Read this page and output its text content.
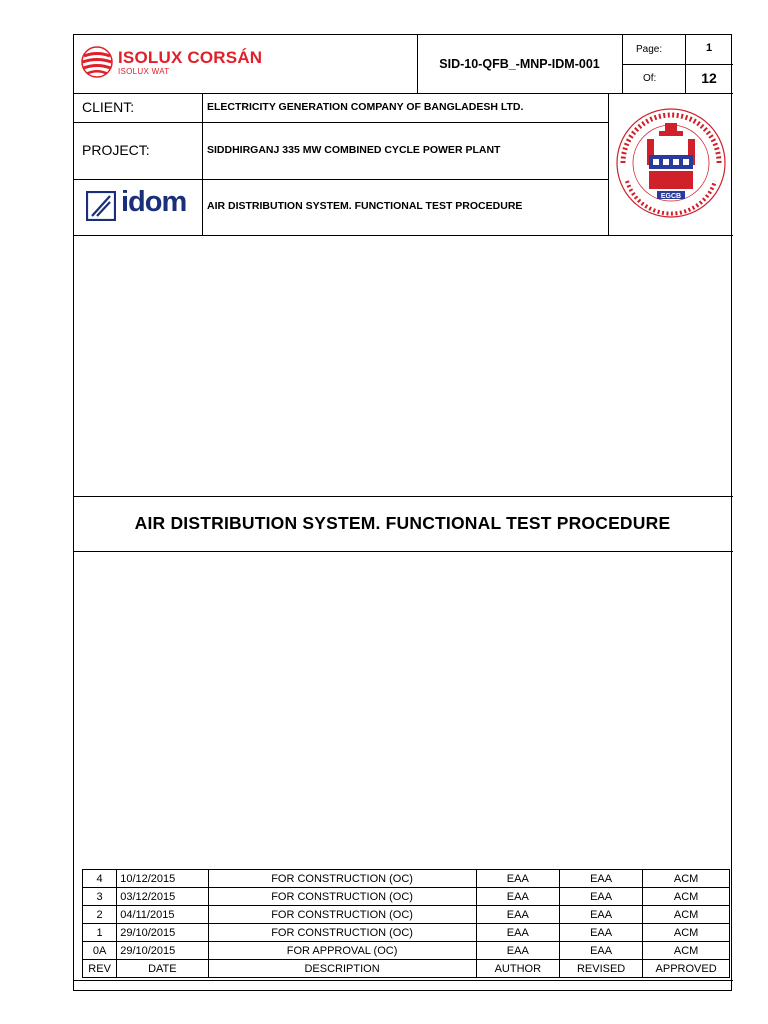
ISOLUX CORSÁN
ISOLUX WAT
SID-10-QFB_-MNP-IDM-001
Page:	1
Of:	12
CLIENT:	ELECTRICITY GENERATION COMPANY OF BANGLADESH LTD.
PROJECT:	SIDDHIRGANJ 335 MW COMBINED CYCLE POWER PLANT
EGCB
idom AIR DISTRIBUTION SYSTEM. FUNCTIONAL TEST PROCEDURE
AIR DISTRIBUTION SYSTEM. FUNCTIONAL TEST PROCEDURE
4	10/12/2015	FOR CONSTRUCTION (OC)	EAA	EAA	ACM
3	03/12/2015	FOR CONSTRUCTION (OC)	EAA	EAA	ACM
2	04/11/2015	FOR CONSTRUCTION (OC)	EAA	EAA	ACM
1	29/10/2015	FOR CONSTRUCTION (OC)	EAA	EAA	ACM
0A	29/10/2015	FOR APPROVAL (OC)	EAA	EAA	ACM
REV	DATE	DESCRIPTION	AUTHOR	REVISED	APPROVED
